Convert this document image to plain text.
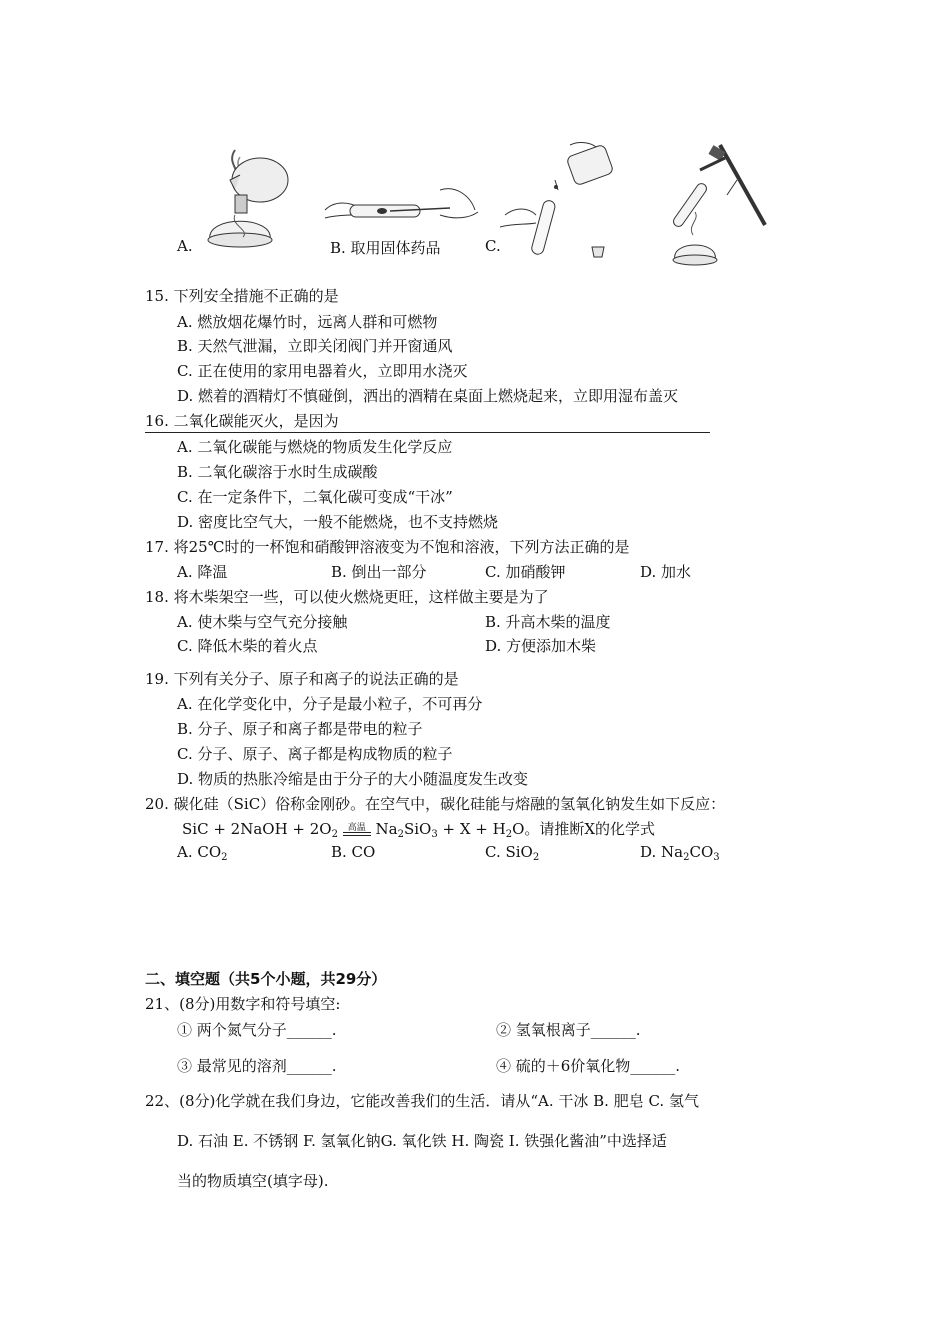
A.	B. 取用固体药品	C.
15. 下列安全措施不正确的是
A. 燃放烟花爆竹时，远离人群和可燃物
B. 天然气泄漏，立即关闭阀门并开窗通风
C. 正在使用的家用电器着火，立即用水浇灭
D. 燃着的酒精灯不慎碰倒，洒出的酒精在桌面上燃烧起来，立即用湿布盖灭
16. 二氧化碳能灭火，是因为
A. 二氧化碳能与燃烧的物质发生化学反应
B. 二氧化碳溶于水时生成碳酸
C. 在一定条件下，二氧化碳可变成“干冰”
D. 密度比空气大，一般不能燃烧，也不支持燃烧
17. 将25℃时的一杯饱和硝酸钾溶液变为不饱和溶液，下列方法正确的是
A. 降温	B. 倒出一部分	C. 加硝酸钾	D. 加水
18. 将木柴架空一些，可以使火燃烧更旺，这样做主要是为了
A. 使木柴与空气充分接触	B. 升高木柴的温度
C. 降低木柴的着火点	D. 方便添加木柴
19. 下列有关分子、原子和离子的说法正确的是
A. 在化学变化中，分子是最小粒子，不可再分
B. 分子、原子和离子都是带电的粒子
C. 分子、原子、离子都是构成物质的粒子
D. 物质的热胀冷缩是由于分子的大小随温度发生改变
20. 碳化硅（SiC）俗称金刚砂。在空气中，碳化硅能与熔融的氢氧化钠发生如下反应：
SiC + 2NaOH + $2O_2$ 高温 $Na_2SiO_3 + X + H_2O$。请推断X的化学式
A. $CO_2$	B. CO	C. SiO$_2$	D. $Na_2CO_3$
二、填空题（共5个小题，共29分）
21、(8分)用数字和符号填空:
① 两个氮气分子______.	② 氢氧根离子______.
③ 最常见的溶剂______.	④ 硫的＋6价氧化物______.
22、(8分)化学就在我们身边，它能改善我们的生活．请从“A. 干冰 B. 肥皂 C. 氢气
D. 石油 E. 不锈钢 F. 氢氧化钠G. 氧化铁 H. 陶瓷 I. 铁强化酱油”中选择适
当的物质填空(填字母).
